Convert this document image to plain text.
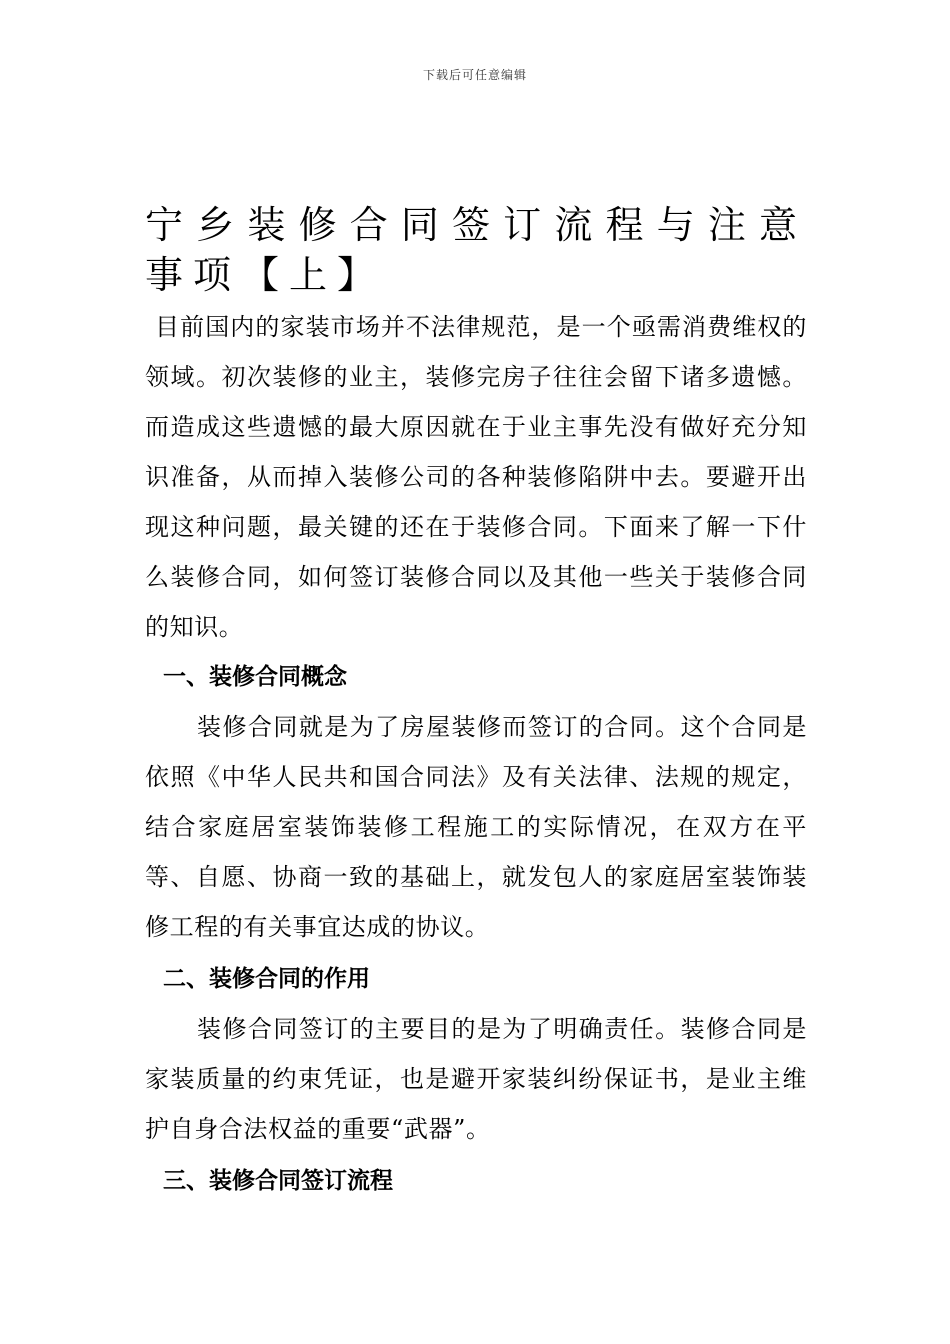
下载后可任意编辑
宁乡装修合同签订流程与注意事项【上】

目前国内的家装市场并不法律规范，是一个亟需消费维权的领域。初次装修的业主，装修完房子往往会留下诸多遗憾。而造成这些遗憾的最大原因就在于业主事先没有做好充分知识准备，从而掉入装修公司的各种装修陷阱中去。要避开出现这种问题，最关键的还在于装修合同。下面来了解一下什么装修合同，如何签订装修合同以及其他一些关于装修合同的知识。

一、装修合同概念

装修合同就是为了房屋装修而签订的合同。这个合同是依照《中华人民共和国合同法》及有关法律、法规的规定，结合家庭居室装饰装修工程施工的实际情况，在双方在平等、自愿、协商一致的基础上，就发包人的家庭居室装饰装修工程的有关事宜达成的协议。

二、装修合同的作用

装修合同签订的主要目的是为了明确责任。装修合同是家装质量的约束凭证，也是避开家装纠纷保证书，是业主维护自身合法权益的重要“武器”。

三、装修合同签订流程
